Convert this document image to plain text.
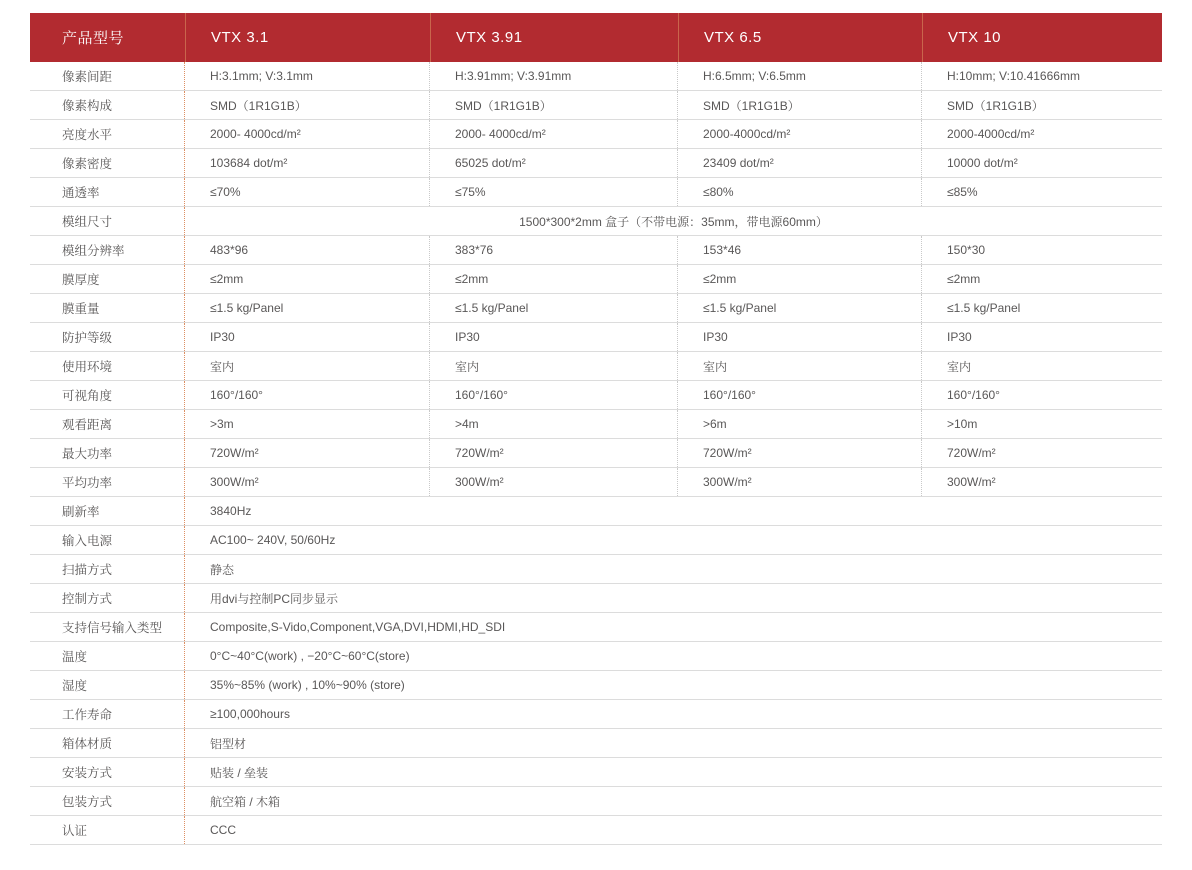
产品型号	VTX 3.1	VTX 3.91	VTX 6.5	VTX 10
像素间距	H:3.1mm; V:3.1mm	H:3.91mm; V:3.91mm	H:6.5mm; V:6.5mm	H:10mm; V:10.41666mm
像素构成	SMD（1R1G1B）	SMD（1R1G1B）	SMD（1R1G1B）	SMD（1R1G1B）
亮度水平	2000- 4000cd/m²	2000- 4000cd/m²	2000-4000cd/m²	2000-4000cd/m²
像素密度	103684 dot/m²	65025 dot/m²	23409 dot/m²	10000 dot/m²
通透率	≤70%	≤75%	≤80%	≤85%
模组尺寸	1500*300*2mm 盒子（不带电源：35mm，带电源60mm）
模组分辨率	483*96	383*76	153*46	150*30
膜厚度	≤2mm	≤2mm	≤2mm	≤2mm
膜重量	≤1.5 kg/Panel	≤1.5 kg/Panel	≤1.5 kg/Panel	≤1.5 kg/Panel
防护等级	IP30	IP30	IP30	IP30
使用环境	室内	室内	室内	室内
可视角度	160°/160°	160°/160°	160°/160°	160°/160°
观看距离	>3m	>4m	>6m	>10m
最大功率	720W/m²	720W/m²	720W/m²	720W/m²
平均功率	300W/m²	300W/m²	300W/m²	300W/m²
刷新率	3840Hz
输入电源	AC100~ 240V, 50/60Hz
扫描方式	静态
控制方式	用dvi与控制PC同步显示
支持信号输入类型	Composite,S-Vido,Component,VGA,DVI,HDMI,HD_SDI
温度	0°C~40°C(work) , −20°C~60°C(store)
湿度	35%~85% (work) , 10%~90% (store)
工作寿命	≥100,000hours
箱体材质	铝型材
安装方式	贴装 / 垒装
包装方式	航空箱 / 木箱
认证	CCC
